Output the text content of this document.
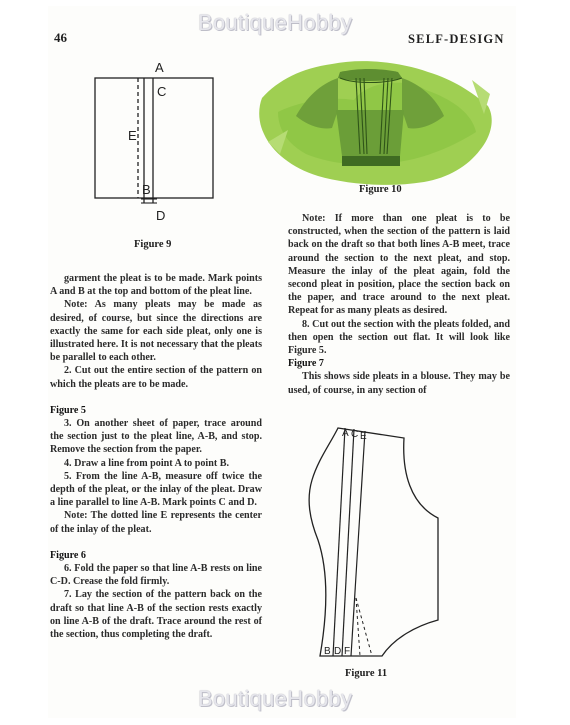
BoutiqueHobby
BoutiqueHobby
46	SELF-DESIGN
A
C
E
B
D
Figure 9
Figure 10

garment the pleat is to be made. Mark points A and B at the top and bottom of the pleat line.

Note: As many pleats may be made as desired, of course, but since the directions are exactly the same for each side pleat, only one is illustrated here. It is not necessary that the pleats be parallel to each other.

2. Cut out the entire section of the pattern on which the pleats are to be made.

Figure 5

3. On another sheet of paper, trace around the section just to the pleat line, A-B, and stop. Remove the section from the paper.

4. Draw a line from point A to point B.

5. From the line A-B, measure off twice the depth of the pleat, or the inlay of the pleat. Draw a line parallel to line A-B. Mark points C and D.

Note: The dotted line E represents the center of the inlay of the pleat.

Figure 6

6. Fold the paper so that line A-B rests on line C-D. Crease the fold firmly.

7. Lay the section of the pattern back on the draft so that line A-B of the section rests exactly on line A-B of the draft. Trace around the rest of the section, thus completing the draft.

Note: If more than one pleat is to be constructed, when the section of the pattern is laid back on the draft so that both lines A-B meet, trace around the section to the next pleat, and stop. Measure the inlay of the pleat again, fold the second pleat in position, place the section back on the paper, and trace around to the next pleat. Repeat for as many pleats as desired.

8. Cut out the section with the pleats folded, and then open the section out flat. It will look like Figure 5.

Figure 7

This shows side pleats in a blouse. They may be used, of course, in any section of

A C E
B D F
Figure 11
